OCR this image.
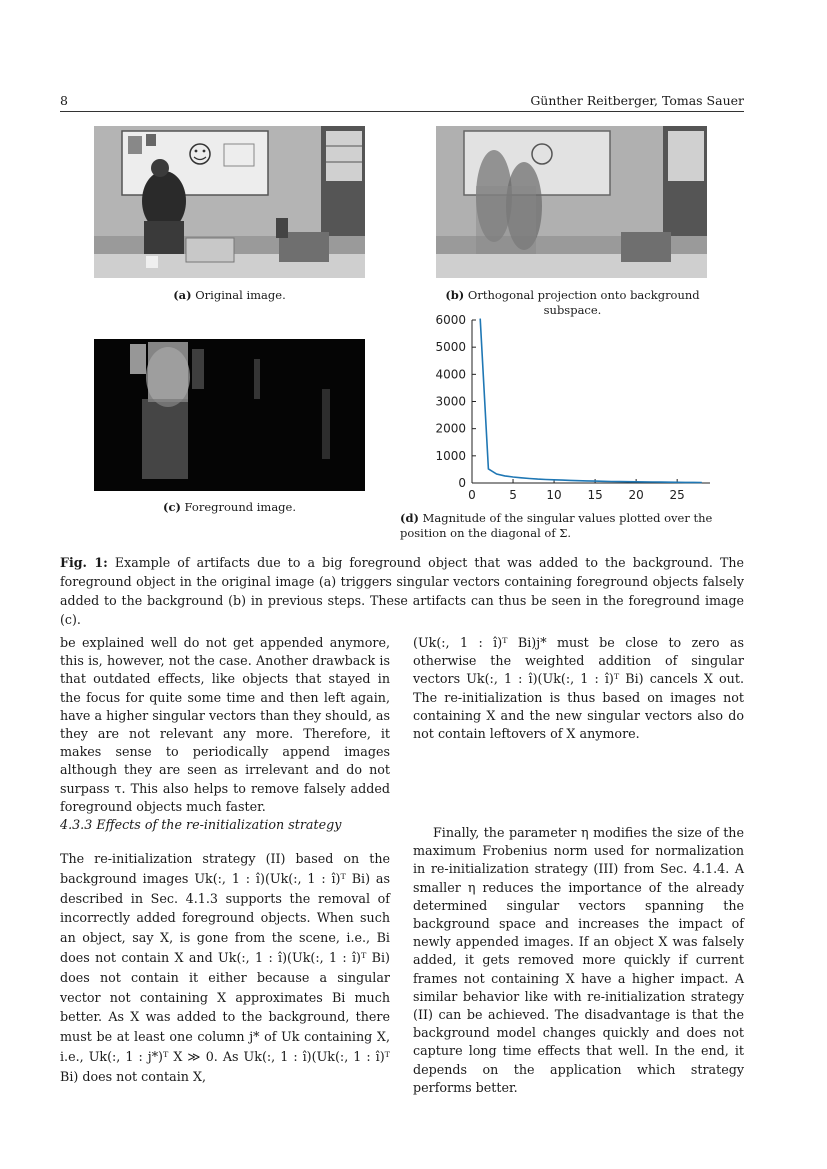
8	Günther Reitberger, Tomas Sauer
(a) Original image.	(b) Orthogonal projection onto background subspace.
(c) Foreground image.
0
1000
2000
3000
4000
5000
6000
0	5 10 15 20 25
(d) Magnitude of the singular values plotted over the position on the diagonal of Σ.
Fig. 1: Example of artifacts due to a big foreground object that was added to the background. The foreground object in the original image (a) triggers singular vectors containing foreground objects falsely added to the background (b) in previous steps. These artifacts can thus be seen in the foreground image (c).

be explained well do not get appended anymore, this is, however, not the case. Another drawback is that outdated effects, like objects that stayed in the focus for quite some time and then left again, have a higher singular vectors than they should, as they are not relevant any more. Therefore, it makes sense to periodically append images although they are seen as irrelevant and do not surpass τ. This also helps to remove falsely added foreground objects much faster.

(Uk(:, 1 : î)ᵀ Bi)j* must be close to zero as otherwise the weighted addition of singular vectors Uk(:, 1 : î)(Uk(:, 1 : î)ᵀ Bi) cancels X out. The re-initialization is thus based on images not containing X and the new singular vectors also do not contain leftovers of X anymore.

4.3.3 Effects of the re-initialization strategy

The re-initialization strategy (II) based on the background images Uk(:, 1 : î)(Uk(:, 1 : î)ᵀ Bi) as described in Sec. 4.1.3 supports the removal of incorrectly added foreground objects. When such an object, say X, is gone from the scene, i.e., Bi does not contain X and Uk(:, 1 : î)(Uk(:, 1 : î)ᵀ Bi) does not contain it either because a singular vector not containing X approximates Bi much better. As X was added to the background, there must be at least one column j* of Uk containing X, i.e., Uk(:, 1 : j*)ᵀ X ≫ 0. As Uk(:, 1 : î)(Uk(:, 1 : î)ᵀ Bi) does not contain X,

Finally, the parameter η modifies the size of the maximum Frobenius norm used for normalization in re-initialization strategy (III) from Sec. 4.1.4. A smaller η reduces the importance of the already determined singular vectors spanning the background space and increases the impact of newly appended images. If an object X was falsely added, it gets removed more quickly if current frames not containing X have a higher impact. A similar behavior like with re-initialization strategy (II) can be achieved. The disadvantage is that the background model changes quickly and does not capture long time effects that well. In the end, it depends on the application which strategy performs better.
